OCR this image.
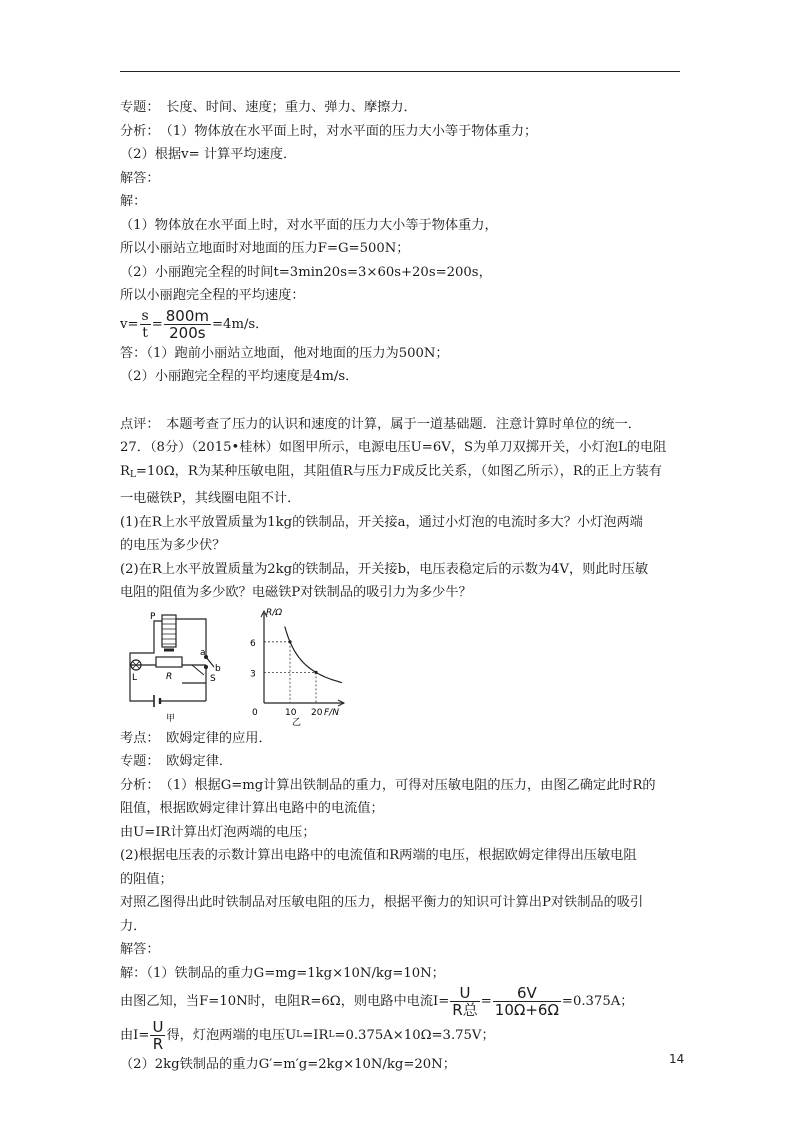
专题：　长度、时间、速度；重力、弹力、摩擦力．
分析：　（1）物体放在水平面上时，对水平面的压力大小等于物体重力；
（2）根据v= 计算平均速度．
解答：
解：
（1）物体放在水平面上时，对水平面的压力大小等于物体重力，
所以小丽站立地面时对地面的压力F=G=500N；
（2）小丽跑完全程的时间t=3min20s=3×60s+20s=200s，
所以小丽跑完全程的平均速度：
$v= \frac{s}{t} = \frac{800m}{200s} =4m/s$．
答：（1）跑前小丽站立地面，他对地面的压力为500N；
（2）小丽跑完全程的平均速度是4m/s．
点评：　本题考查了压力的认识和速度的计算，属于一道基础题．注意计算时单位的统一．
27．（8分）（2015•桂林）如图甲所示，电源电压U=6V，S为单刀双掷开关，小灯泡L的电阻
$R_L=10\Omega$，R为某种压敏电阻，其阻值R与压力F成反比关系，（如图乙所示），R的正上方装有
一电磁铁P，其线圈电阻不计．
(1)在R上水平放置质量为1kg的铁制品，开关接a，通过小灯泡的电流时多大？小灯泡两端
的电压为多少伏？
(2)在R上水平放置质量为2kg的铁制品，开关接b，电压表稳定后的示数为4V，则此时压敏
电阻的阻值为多少欧？电磁铁P对铁制品的吸引力为多少牛？
P
a
b
S
L	R
甲
6
3
10 20
0
R/Ω
F/N
乙
考点：　欧姆定律的应用．
专题：　欧姆定律．
分析：　（1）根据G=mg计算出铁制品的重力，可得对压敏电阻的压力，由图乙确定此时R的
阻值，根据欧姆定律计算出电路中的电流值；
由U=IR计算出灯泡两端的电压；
(2)根据电压表的示数计算出电路中的电流值和R两端的电压，根据欧姆定律得出压敏电阻
的阻值；
对照乙图得出此时铁制品对压敏电阻的压力，根据平衡力的知识可计算出P对铁制品的吸引
力．
解答：
解：（1）铁制品的重力G=mg=1kg×10N/kg=10N；
由图乙知，当F=10N时，电阻R=6Ω，则电路中电流$I= \frac{U}{\text{R总}} = \frac{6V}{10\Omega+6\Omega} =0.375A$；
由$I= \frac{U}{R}$ 得，灯泡两端的电压U L =IR L =0.375A×10Ω=3.75V；
（2）2kg铁制品的重力G′=m′g=2kg×10N/kg=20N；	14
